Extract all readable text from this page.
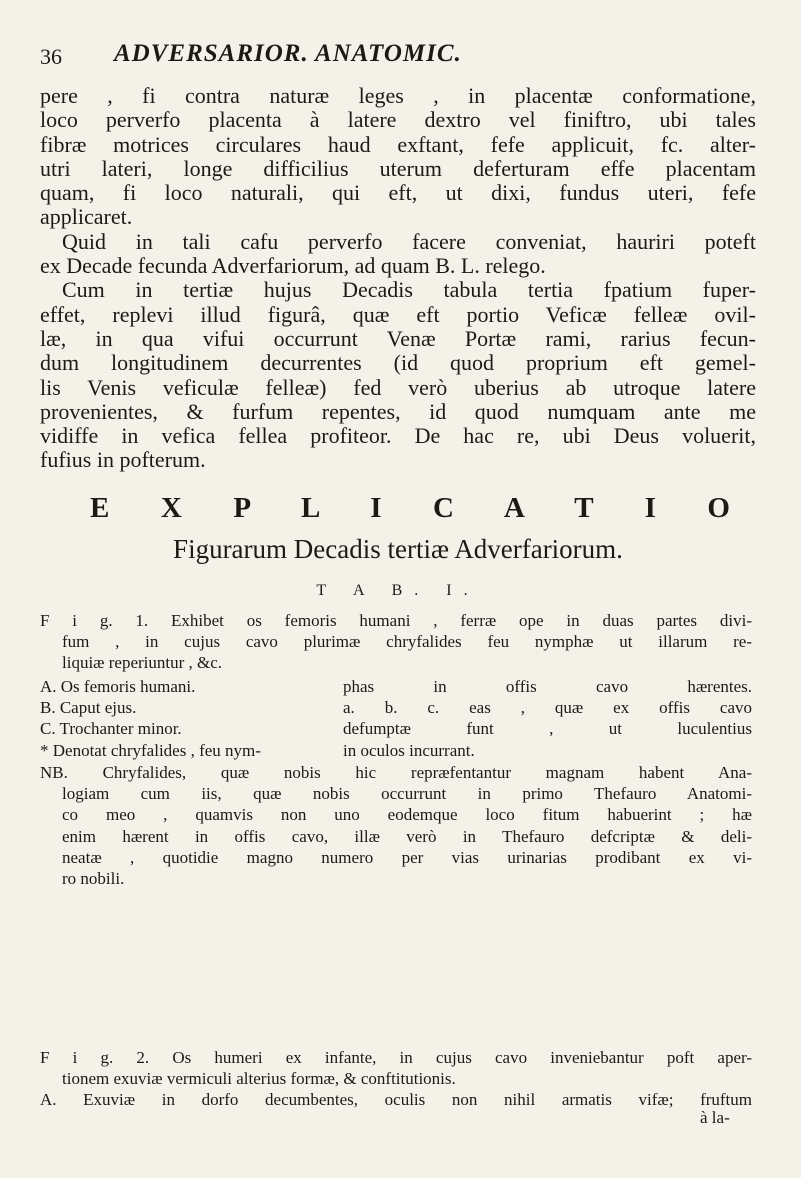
36 ADVERSARIOR. ANATOMIC.
pere , fi contra naturæ leges , in placentæ conformatione,
loco perverfo placenta à latere dextro vel finiftro, ubi tales
fibræ motrices circulares haud exftant, fefe applicuit, fc. alter-
utri lateri, longe difficilius uterum deferturam effe placentam
quam, fi loco naturali, qui eft, ut dixi, fundus uteri, fefe
applicaret.
Quid in tali cafu perverfo facere conveniat, hauriri poteft
ex Decade fecunda Adverfariorum, ad quam B. L. relego.
Cum in tertiæ hujus Decadis tabula tertia fpatium fuper-
effet, replevi illud figurâ, quæ eft portio Veficæ felleæ ovil-
læ, in qua vifui occurrunt Venæ Portæ rami, rarius fecun-
dum longitudinem decurrentes (id quod proprium eft gemel-
lis Venis veficulæ felleæ) fed verò uberius ab utroque latere
provenientes, & furfum repentes, id quod numquam ante me
vidiffe in vefica fellea profiteor. De hac re, ubi Deus voluerit,
fufius in pofterum.
E X P L I C A T I O
Figurarum Decadis tertiæ Adverfariorum.
T A B. I.
F i g. 1. Exhibet os femoris humani , ferræ ope in duas partes divi-
fum , in cujus cavo plurimæ chryfalides feu nymphæ ut illarum re-
liquiæ reperiuntur , &c.
A. Os femoris humani.
B. Caput ejus.
C. Trochanter minor.
* Denotat chryfalides , feu nym-
phas in offis cavo hærentes.
a. b. c. eas , quæ ex offis cavo
defumptæ funt , ut luculentius
in oculos incurrant.
NB. Chryfalides, quæ nobis hic repræfentantur magnam habent Ana-
logiam cum iis, quæ nobis occurrunt in primo Thefauro Anatomi-
co meo , quamvis non uno eodemque loco fitum habuerint ; hæ
enim hærent in offis cavo, illæ verò in Thefauro defcriptæ & deli-
neatæ , quotidie magno numero per vias urinarias prodibant ex vi-
ro nobili.
F i g. 2. Os humeri ex infante, in cujus cavo inveniebantur poft aper-
tionem exuviæ vermiculi alterius formæ, & conftitutionis.
A. Exuviæ in dorfo decumbentes, oculis non nihil armatis vifæ; fruftum
à la-
